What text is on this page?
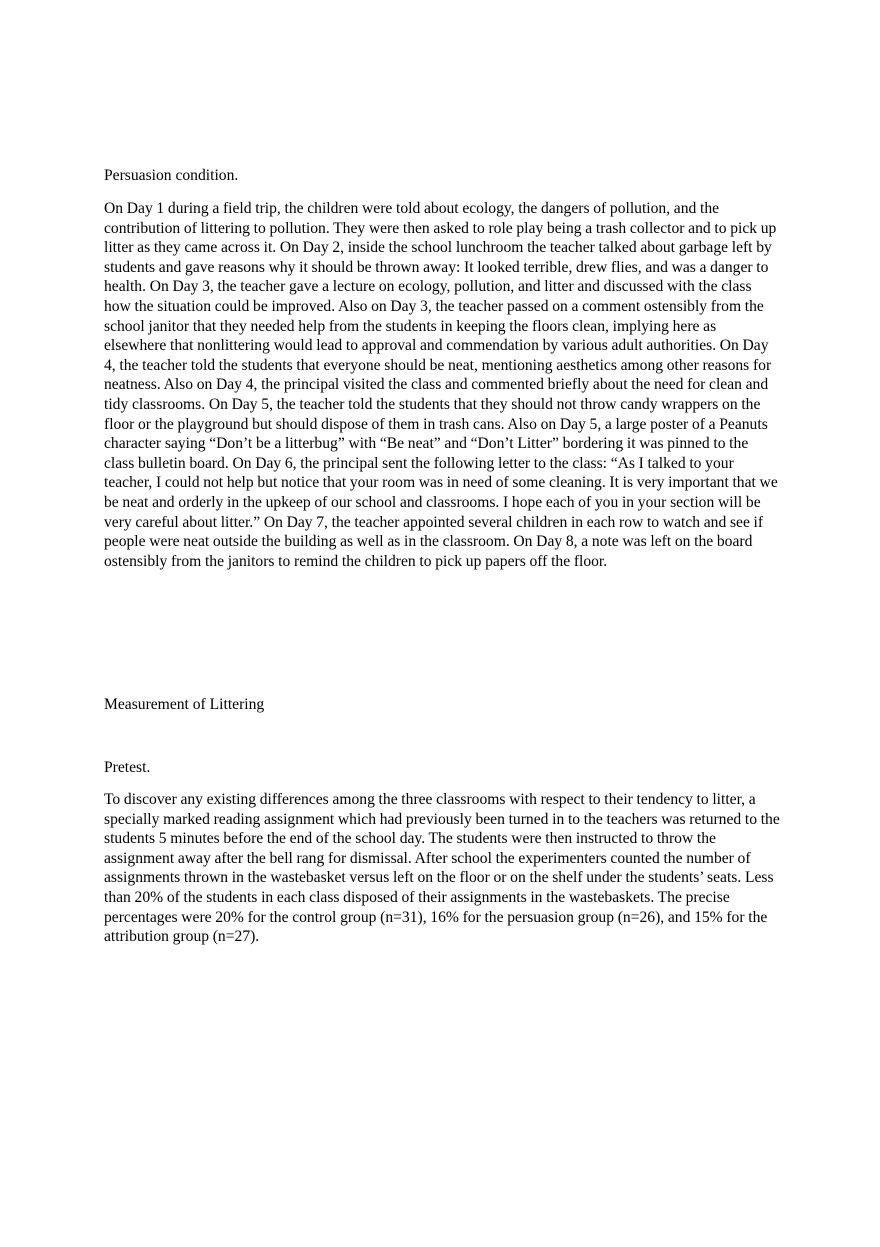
Persuasion condition.

On Day 1 during a field trip, the children were told about ecology, the dangers of pollution, and the contribution of littering to pollution. They were then asked to role play being a trash collector and to pick up litter as they came across it. On Day 2, inside the school lunchroom the teacher talked about garbage left by students and gave reasons why it should be thrown away: It looked terrible, drew flies, and was a danger to health. On Day 3, the teacher gave a lecture on ecology, pollution, and litter and discussed with the class how the situation could be improved. Also on Day 3, the teacher passed on a comment ostensibly from the school janitor that they needed help from the students in keeping the floors clean, implying here as elsewhere that nonlittering would lead to approval and commendation by various adult authorities. On Day 4, the teacher told the students that everyone should be neat, mentioning aesthetics among other reasons for neatness. Also on Day 4, the principal visited the class and commented briefly about the need for clean and tidy classrooms. On Day 5, the teacher told the students that they should not throw candy wrappers on the floor or the playground but should dispose of them in trash cans. Also on Day 5, a large poster of a Peanuts character saying “Don’t be a litterbug” with “Be neat” and “Don’t Litter” bordering it was pinned to the class bulletin board. On Day 6, the principal sent the following letter to the class: “As I talked to your teacher, I could not help but notice that your room was in need of some cleaning. It is very important that we be neat and orderly in the upkeep of our school and classrooms. I hope each of you in your section will be very careful about litter.” On Day 7, the teacher appointed several children in each row to watch and see if people were neat outside the building as well as in the classroom. On Day 8, a note was left on the board ostensibly from the janitors to remind the children to pick up papers off the floor.

Measurement of Littering
Pretest.

To discover any existing differences among the three classrooms with respect to their tendency to litter, a specially marked reading assignment which had previously been turned in to the teachers was returned to the students 5 minutes before the end of the school day. The students were then instructed to throw the assignment away after the bell rang for dismissal. After school the experimenters counted the number of assignments thrown in the wastebasket versus left on the floor or on the shelf under the students’ seats. Less than 20% of the students in each class disposed of their assignments in the wastebaskets. The precise percentages were 20% for the control group (n=31), 16% for the persuasion group (n=26), and 15% for the attribution group (n=27).
